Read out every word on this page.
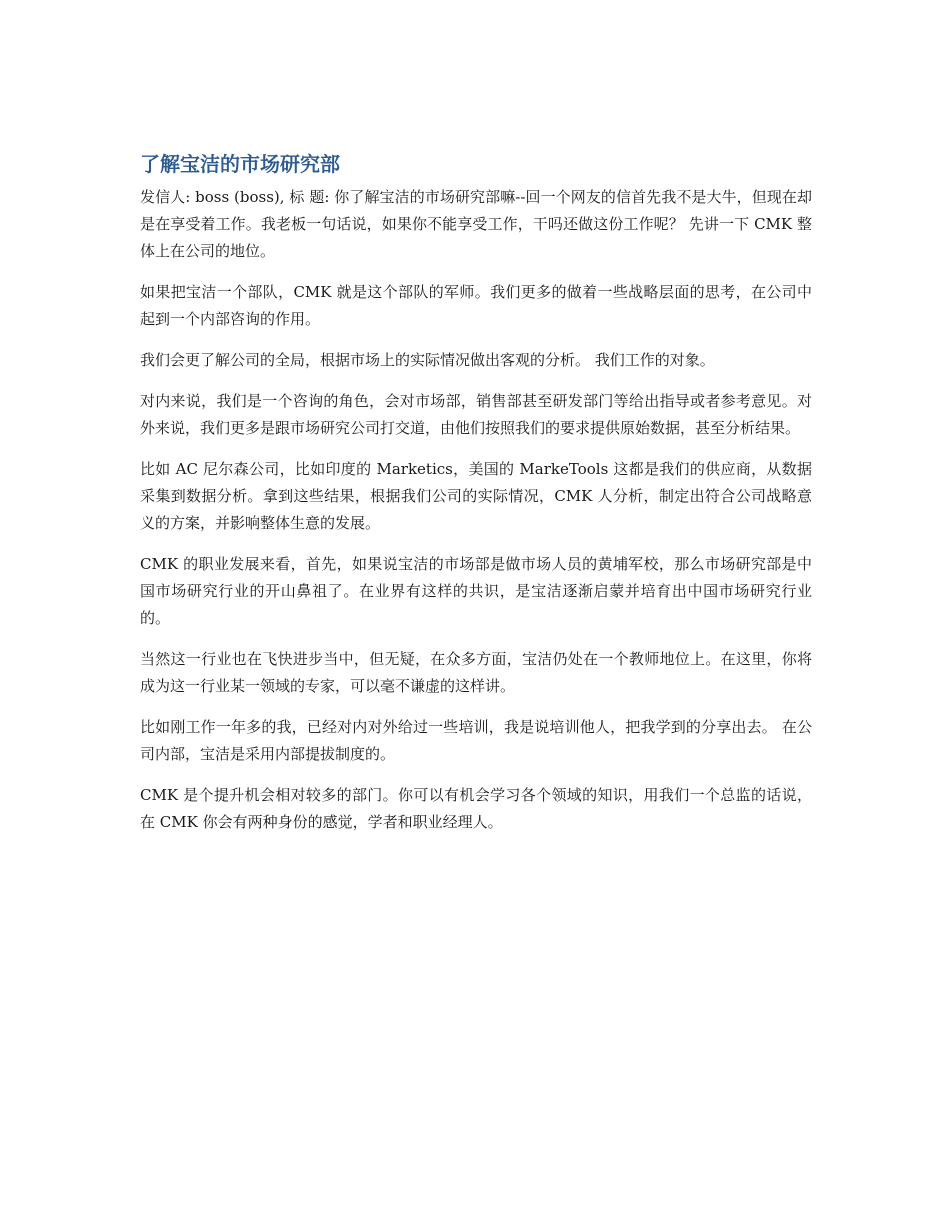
了解宝洁的市场研究部

发信人: boss (boss), 标 题: 你了解宝洁的市场研究部嘛--回一个网友的信首先我不是大牛，但现在却是在享受着工作。我老板一句话说，如果你不能享受工作，干吗还做这份工作呢？ 先讲一下 CMK 整体上在公司的地位。

如果把宝洁一个部队，CMK 就是这个部队的军师。我们更多的做着一些战略层面的思考，在公司中起到一个内部咨询的作用。

我们会更了解公司的全局，根据市场上的实际情况做出客观的分析。 我们工作的对象。

对内来说，我们是一个咨询的角色，会对市场部，销售部甚至研发部门等给出指导或者参考意见。对外来说，我们更多是跟市场研究公司打交道，由他们按照我们的要求提供原始数据，甚至分析结果。

比如 AC 尼尔森公司，比如印度的 Marketics，美国的 MarkeTools 这都是我们的供应商，从数据采集到数据分析。拿到这些结果，根据我们公司的实际情况，CMK 人分析，制定出符合公司战略意义的方案，并影响整体生意的发展。

CMK 的职业发展来看，首先，如果说宝洁的市场部是做市场人员的黄埔军校，那么市场研究部是中国市场研究行业的开山鼻祖了。在业界有这样的共识，是宝洁逐渐启蒙并培育出中国市场研究行业的。

当然这一行业也在飞快进步当中，但无疑，在众多方面，宝洁仍处在一个教师地位上。在这里，你将成为这一行业某一领域的专家，可以毫不谦虚的这样讲。

比如刚工作一年多的我，已经对内对外给过一些培训，我是说培训他人，把我学到的分享出去。 在公司内部，宝洁是采用内部提拔制度的。

CMK 是个提升机会相对较多的部门。你可以有机会学习各个领域的知识，用我们一个总监的话说，在 CMK 你会有两种身份的感觉，学者和职业经理人。
